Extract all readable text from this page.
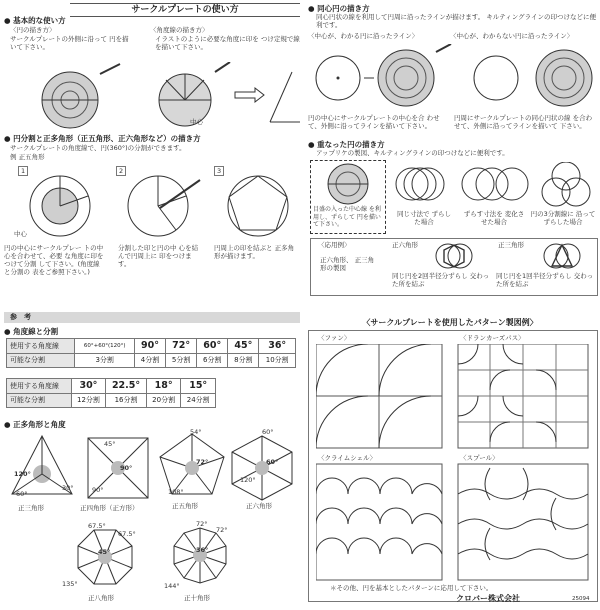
サークルプレートの使い方
● 基本的な使い方
〈円の描き方〉
サークルプレートの外側に沿って 円を描いて下さい。
〈角度線の描き方〉
イラストのように必要な角度に印を つけ定規で線を描いて下さい。
中心
● 円分割と正多角形（正五角形、正六角形など）の描き方
サークルプレートの角度線で、円(360°)の分割ができます。
例 正五角形
1	2	3
中心
円の中心にサークルプレー トの中心を合わせて、必要 な角度に印をつけて分割 して下さい。(角度線と分割の 表をご参照下さい。)
分割した印と円の中 心を結んで円周上に 印をつけます。
円周上の印を結ぶと 正多角形が描けます。
参　考
● 角度線と分割
使用する角度線	60°+60°(120°)	90°	72°	60°	45°	36°
可能な分割	3分割	4分割	5分割	6分割	8分割	10分割
使用する角度線	30°	22.5°	18°	15°
可能な分割	12分割	16分割	20分割	24分割
● 正多角形と角度
120°
60°
30°
正三角形
45°
90°
90°
正四角形（正方形）
54°
72°
108°
正五角形
60°
60°
120°
正六角形
67.5°
67.5°
45°
135°
正八角形
72°
72°
36°
144°
正十角形
● 同心円の描き方
同心円状の線を利用して円周に沿ったラインが描けます。 キルティングラインの印つけなどに便利です。
〈中心が、わかる円に沿ったライン〉	〈中心が、わからない円に沿ったライン〉
円の中心にサークルプレートの中心を合 わせて、外側に沿ってラインを描いて下さい。
円周にサークルプレートの同心円状の線 を合わせて、外側に沿ってラインを描いて 下さい。
● 重なった円の描き方
アップリケの製図、キルティングラインの印つけなどに便利です。
目盛の入った中心線 を利用し、ずらして 円を描いて下さい。
同じ寸法で ずらした場合
ずらす寸法を 変化させた場合
円の3分割線に 沿ってずらした場合
〈応用例〉
正六角形、 正三角形の製図
正六角形	正三角形
同じ円を2回半径分ずらし 交わった所を結ぶ
同じ円を1回半径分ずらし 交わった所を結ぶ
〈サークルプレートを使用したパターン製図例〉
〈ファン〉	〈ドランカーズパス〉
〈クライムシェル〉	〈スプール〉
＊その他、円を基本としたパターンに応用して下さい。
クロバー株式会社	25094
